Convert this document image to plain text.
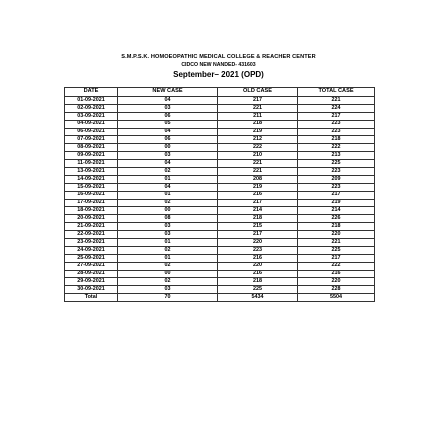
S.M.P.S.K. HOMOEOPATHIC MEDICAL COLLEGE & REACHER CENTER
CIDCO NEW NANDED- 431603
September– 2021 (OPD)
DATE	NEW CASE	OLD CASE	TOTAL CASE
01-09-2021	04	217	221
02-09-2021	03	221	224
03-09-2021	06	211	217
04-09-2021	05	218	223
06-09-2021	04	219	223
07-09-2021	06	212	218
08-09-2021	00	222	222
09-09-2021	03	210	213
11-09-2021	04	221	225
13-09-2021	02	221	223
14-09-2021	01	208	209
15-09-2021	04	219	223
16-09-2021	01	216	217
17-09-2021	02	217	219
18-09-2021	00	214	214
20-09-2021	08	218	226
21-09-2021	03	215	218
22-09-2021	03	217	220
23-09-2021	01	220	221
24-09-2021	02	223	225
25-09-2021	01	216	217
27-09-2021	02	220	222
28-09-2021	00	216	216
29-09-2021	02	218	220
30-09-2021	03	225	228
Total	70	5434	5504
